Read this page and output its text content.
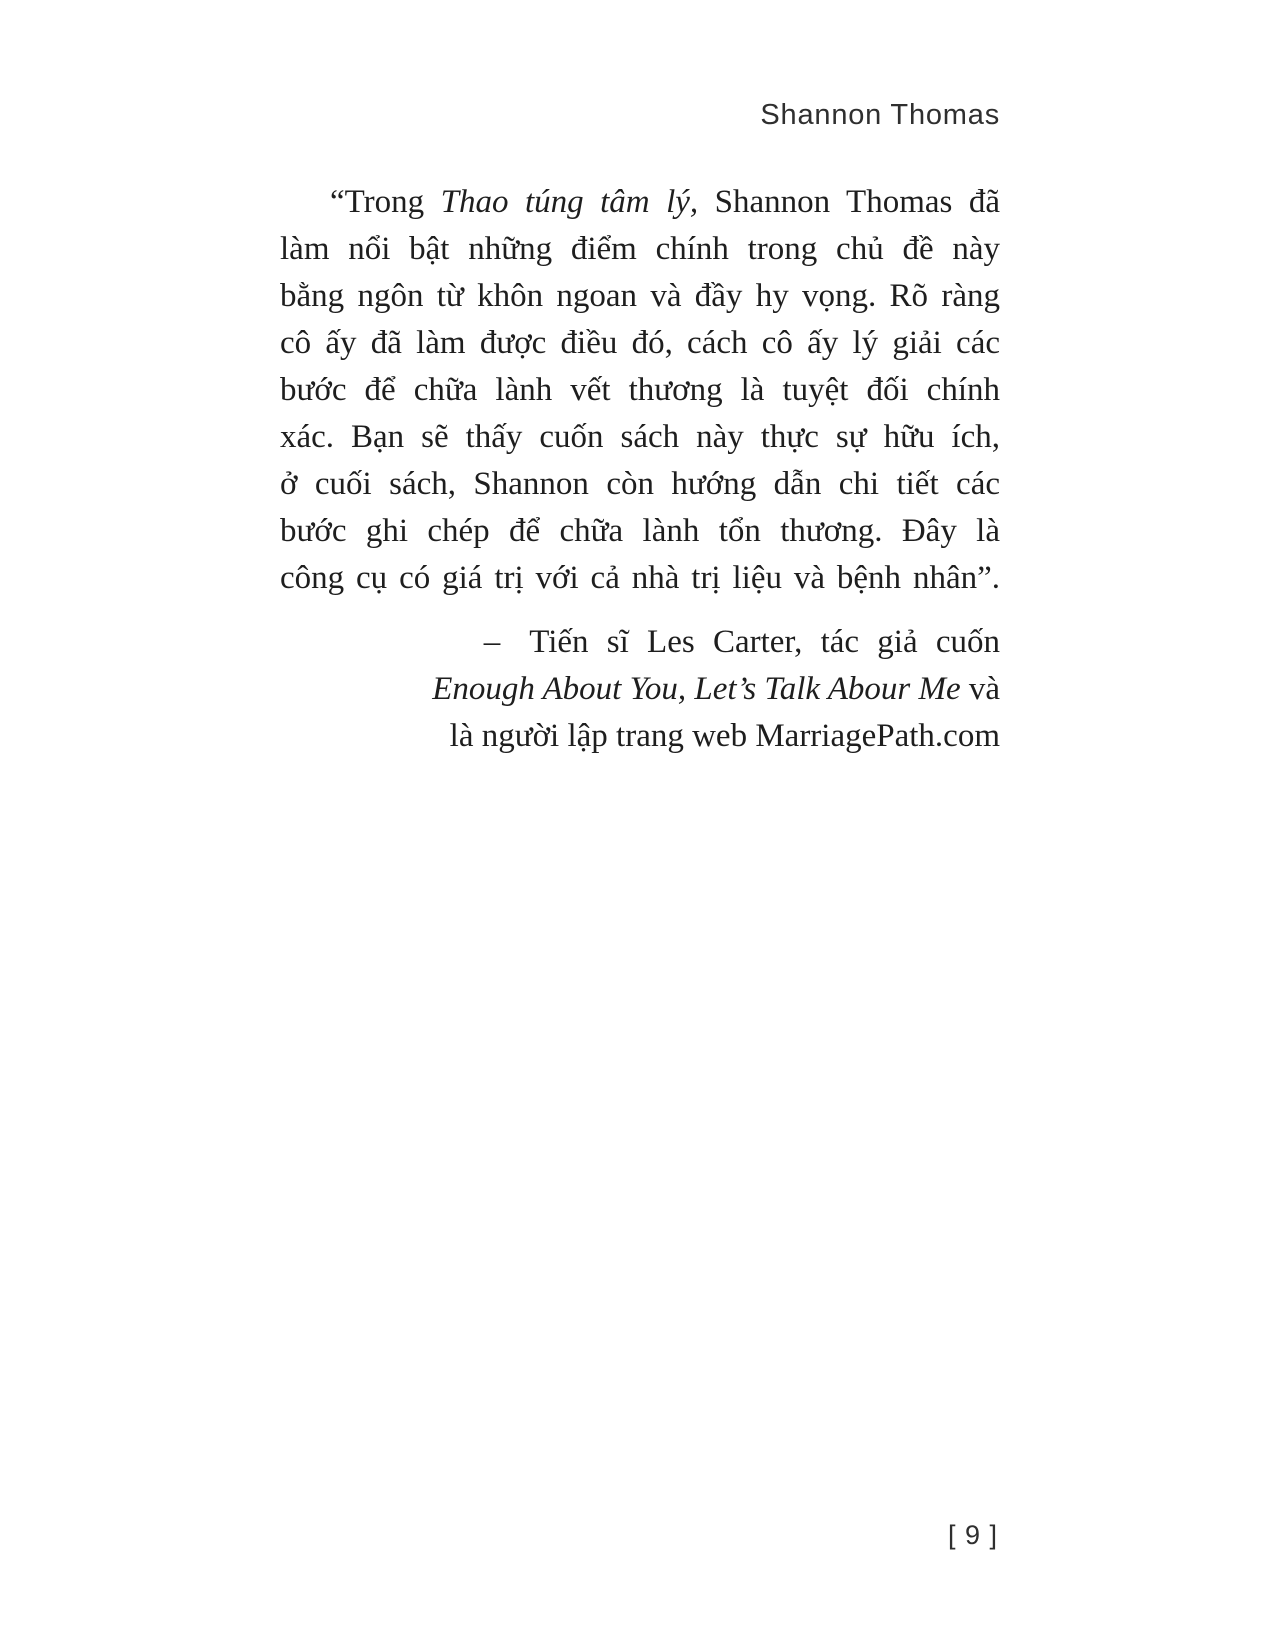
Shannon Thomas
“Trong Thao túng tâm lý, Shannon Thomas đã
làm nổi bật những điểm chính trong chủ đề này
bằng ngôn từ khôn ngoan và đầy hy vọng. Rõ ràng
cô ấy đã làm được điều đó, cách cô ấy lý giải các
bước để chữa lành vết thương là tuyệt đối chính
xác. Bạn sẽ thấy cuốn sách này thực sự hữu ích,
ở cuối sách, Shannon còn hướng dẫn chi tiết các
bước ghi chép để chữa lành tổn thương. Đây là
công cụ có giá trị với cả nhà trị liệu và bệnh nhân”.
– Tiến sĩ Les Carter, tác giả cuốn
Enough About You, Let’s Talk Abour Me và
là người lập trang web MarriagePath.com
[ 9 ]
